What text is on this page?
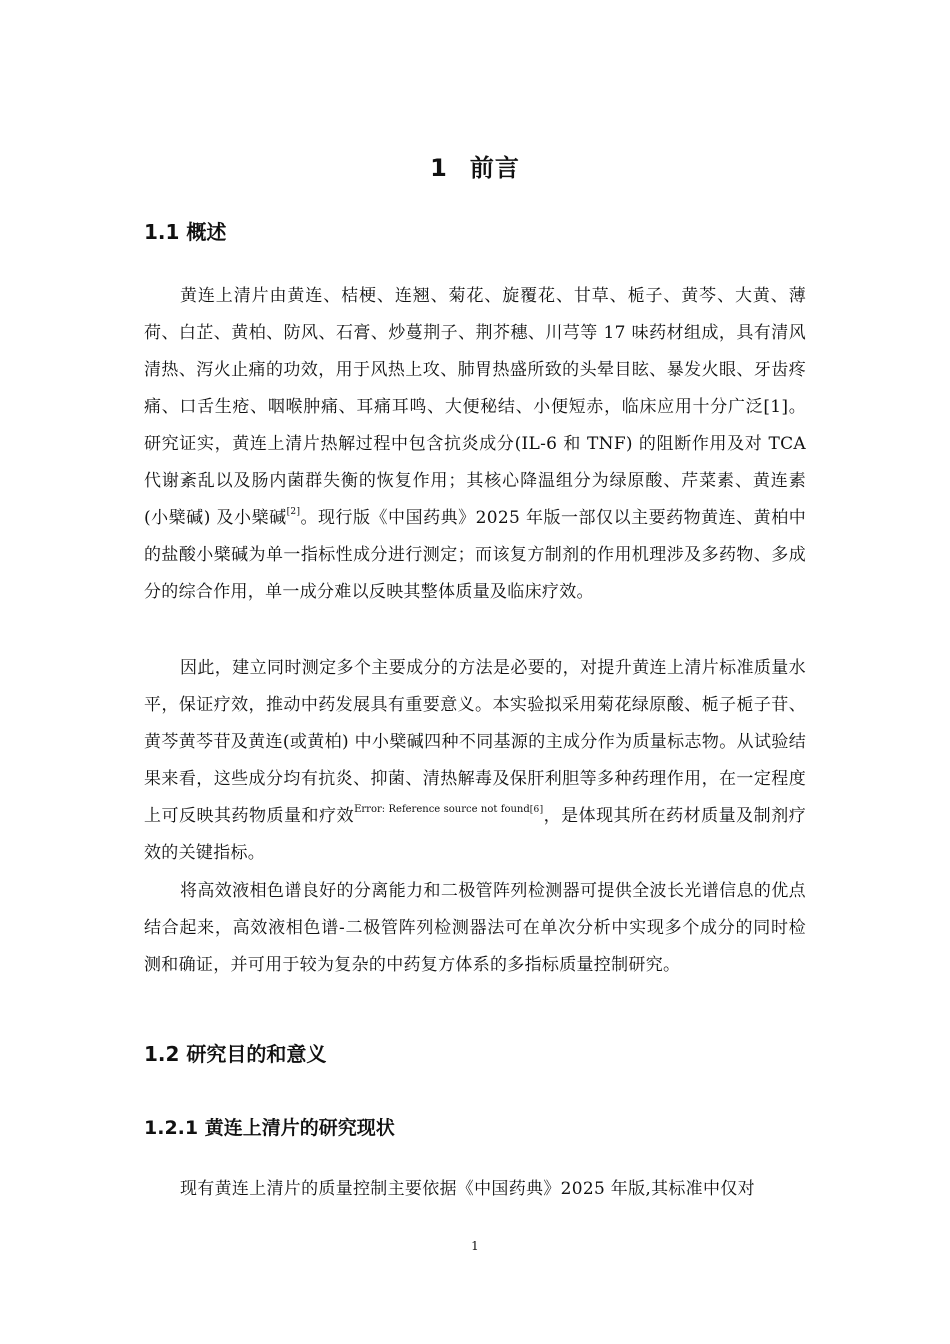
1 前言
1.1 概述

黄连上清片由黄连、桔梗、连翘、菊花、旋覆花、甘草、栀子、黄芩、大黄、薄荷、白芷、黄柏、防风、石膏、炒蔓荆子、荆芥穗、川芎等 17 味药材组成，具有清风清热、泻火止痛的功效，用于风热上攻、肺胃热盛所致的头晕目眩、暴发火眼、牙齿疼痛、口舌生疮、咽喉肿痛、耳痛耳鸣、大便秘结、小便短赤，临床应用十分广泛[1]。研究证实，黄连上清片热解过程中包含抗炎成分(IL-6 和 TNF) 的阻断作用及对 TCA 代谢紊乱以及肠内菌群失衡的恢复作用；其核心降温组分为绿原酸、芹菜素、黄连素(小檗碱) 及小檗碱[2]。现行版《中国药典》2025 年版一部仅以主要药物黄连、黄柏中的盐酸小檗碱为单一指标性成分进行测定；而该复方制剂的作用机理涉及多药物、多成分的综合作用，单一成分难以反映其整体质量及临床疗效。

因此，建立同时测定多个主要成分的方法是必要的，对提升黄连上清片标准质量水平，保证疗效，推动中药发展具有重要意义。本实验拟采用菊花绿原酸、栀子栀子苷、黄芩黄芩苷及黄连(或黄柏) 中小檗碱四种不同基源的主成分作为质量标志物。从试验结果来看，这些成分均有抗炎、抑菌、清热解毒及保肝利胆等多种药理作用，在一定程度上可反映其药物质量和疗效$^{Error: Reference source not found[6]}$，是体现其所在药材质量及制剂疗效的关键指标。

将高效液相色谱良好的分离能力和二极管阵列检测器可提供全波长光谱信息的优点结合起来，高效液相色谱-二极管阵列检测器法可在单次分析中实现多个成分的同时检测和确证，并可用于较为复杂的中药复方体系的多指标质量控制研究。

1.2 研究目的和意义
1.2.1 黄连上清片的研究现状

现有黄连上清片的质量控制主要依据《中国药典》2025 年版,其标准中仅对

1
